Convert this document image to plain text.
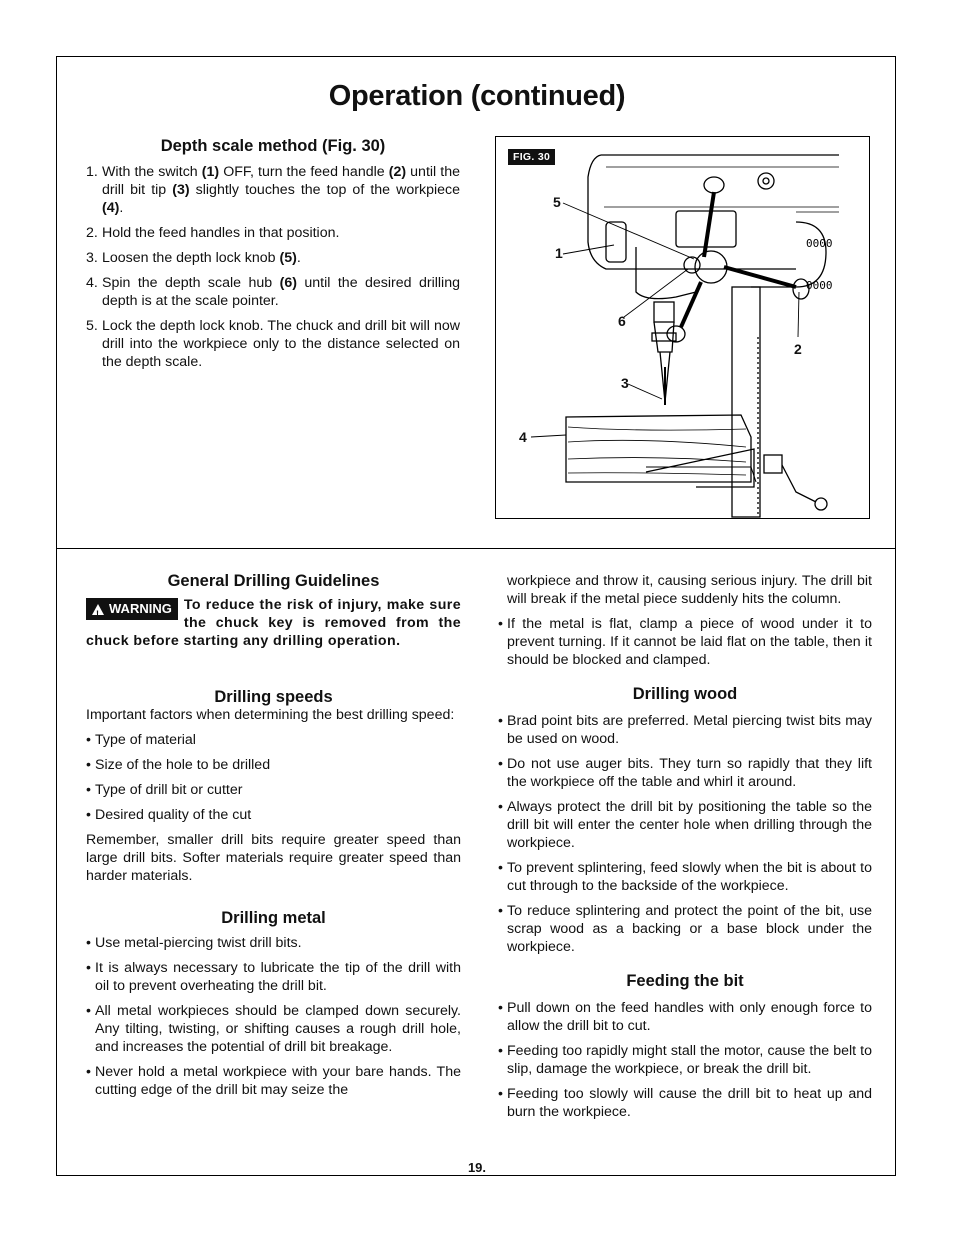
Operation (continued)
Depth scale method (Fig. 30)
1. With the switch (1) OFF, turn the feed handle (2) until the drill bit tip (3) slightly touches the top of the workpiece (4).
2. Hold the feed handles in that position.
3. Loosen the depth lock knob (5).
4. Spin the depth scale hub (6) until the desired drilling depth is at the scale pointer.
5. Lock the depth lock knob. The chuck and drill bit will now drill into the workpiece only to the distance selected on the depth scale.
FIG. 30
0000
0000
5
1
6
2
3
4
General Drilling Guidelines
! WARNING To reduce the risk of injury, make sure the chuck key is removed from the chuck before starting any drilling operation.
Drilling speeds

Important factors when determining the best drilling speed:

• Type of material
• Size of the hole to be drilled
• Type of drill bit or cutter
• Desired quality of the cut

Remember, smaller drill bits require greater speed than large drill bits. Softer materials require greater speed than harder materials.

Drilling metal
• Use metal-piercing twist drill bits.
• It is always necessary to lubricate the tip of the drill with oil to prevent overheating the drill bit.
• All metal workpieces should be clamped down securely. Any tilting, twisting, or shifting causes a rough drill hole, and increases the potential of drill bit breakage.
• Never hold a metal workpiece with your bare hands. The cutting edge of the drill bit may seize the

workpiece and throw it, causing serious injury. The drill bit will break if the metal piece suddenly hits the column.

• If the metal is flat, clamp a piece of wood under it to prevent turning. If it cannot be laid flat on the table, then it should be blocked and clamped.
Drilling wood
• Brad point bits are preferred. Metal piercing twist bits may be used on wood.
• Do not use auger bits. They turn so rapidly that they lift the workpiece off the table and whirl it around.
• Always protect the drill bit by positioning the table so the drill bit will enter the center hole when drilling through the workpiece.
• To prevent splintering, feed slowly when the bit is about to cut through to the backside of the workpiece.
• To reduce splintering and protect the point of the bit, use scrap wood as a backing or a base block under the workpiece.
Feeding the bit
• Pull down on the feed handles with only enough force to allow the drill bit to cut.
• Feeding too rapidly might stall the motor, cause the belt to slip, damage the workpiece, or break the drill bit.
• Feeding too slowly will cause the drill bit to heat up and burn the workpiece.
19.
